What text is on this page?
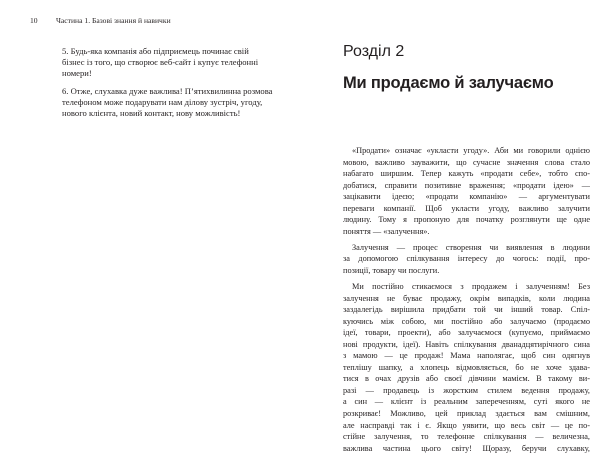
10 Частина 1. Базові знання й навички
5. Будь-яка компанія або підприємець починає свій
бізнес із того, що створює веб-сайт і купує телефонні
номери!
6. Отже, слухавка дуже важлива! П’ятихвилинна розмова
телефоном може подарувати нам ділову зустріч, угоду,
нового клієнта, новий контакт, нову можливість!
Розділ 2
Ми продаємо й залучаємо
«Продати» означає «укласти угоду». Аби ми говорили однією
мовою, важливо зауважити, що сучасне значення слова стало
набагато ширшим. Тепер кажуть «продати себе», тобто спо-
добатися, справити позитивне враження; «продати ідею» —
зацікавити ідеєю; «продати компанію» — аргументувати
переваги компанії. Щоб укласти угоду, важливо залучити
людину. Тому я пропоную для початку розглянути ще одне
поняття — «залучення».
Залучення — процес створення чи виявлення в людини
за допомогою спілкування інтересу до чогось: події, про-
позиції, товару чи послуги.
Ми постійно стикаємося з продажем і залученням! Без
залучення не буває продажу, окрім випадків, коли людина
заздалегідь вирішила придбати той чи інший товар. Спіл-
куючись між собою, ми постійно або залучаємо (продаємо
ідеї, товари, проекти), або залучаємося (купуємо, приймаємо
нові продукти, ідеї). Навіть спілкування дванадцятирічного сина
з мамою — це продаж! Мама наполягає, щоб син одягнув
теплішу шапку, а хлопець відмовляється, бо не хоче здава-
тися в очах друзів або своєї дівчини мамієм. В такому ви-
разі — продавець із жорстким стилем ведення продажу,
а син — клієнт із реальним запереченням, суті якого не
розкриває! Можливо, цей приклад здається вам смішним,
але насправді так і є. Якщо уявити, що весь світ — це по-
стійне залучення, то телефонне спілкування — величезна,
важлива частина цього світу! Щоразу, беручи слухавку,
